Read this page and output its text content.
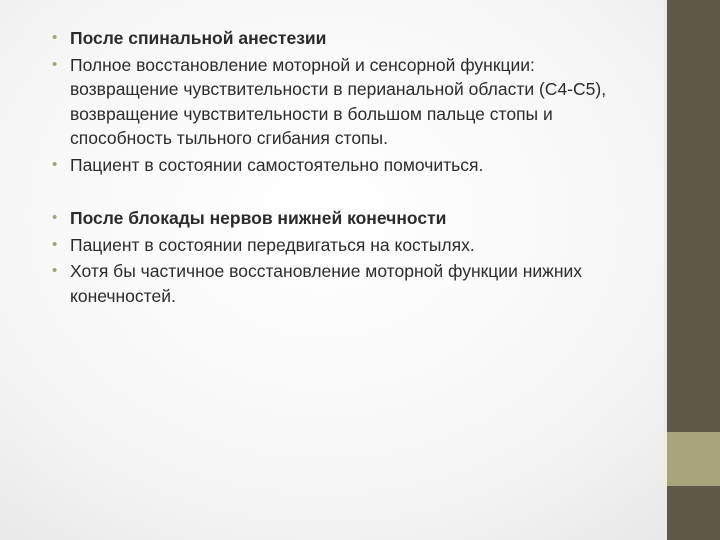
• После спинальной анестезии
• Полное восстановление моторной и сенсорной функции: возвращение чувствительности в перианальной области (С4-С5), возвращение чувствительности в большом пальце стопы и способность тыльного сгибания стопы.
• Пациент в состоянии самостоятельно помочиться.
• После блокады нервов нижней конечности
• Пациент в состоянии передвигаться на костылях.
• Хотя бы частичное восстановление моторной функции нижних конечностей.
